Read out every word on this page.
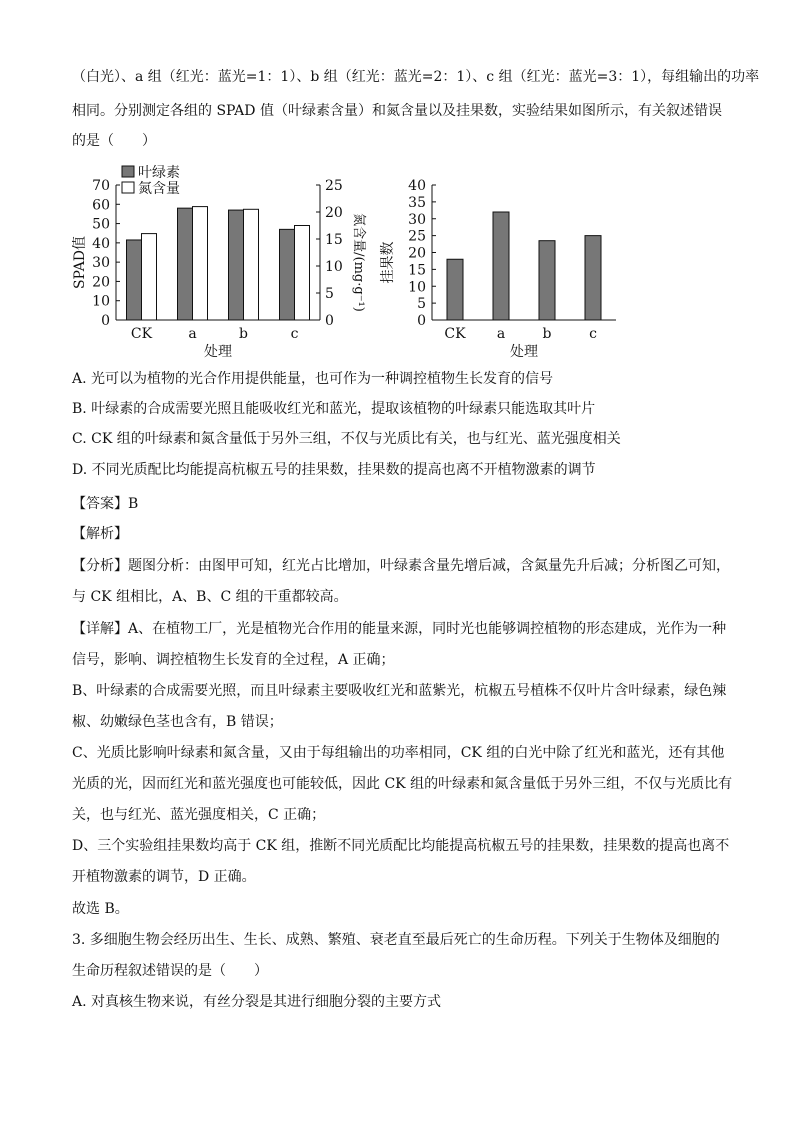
（白光）、a 组（红光：蓝光=1：1）、b 组（红光：蓝光=2：1）、c 组（红光：蓝光=3：1），每组输出的功率
相同。分别测定各组的 SPAD 值（叶绿素含量）和氮含量以及挂果数，实验结果如图所示，有关叙述错误
的是（　　）
0
10
20
30
40
50
60
70
0
5
10
15
20
25
CK	a	b	c
处理
SPAD值	氮含量/(mg·g⁻¹)
叶绿素
氮含量
0
5
10
15
20
25
30
35
40
CK a	b	c
处理
挂果数
A. 光可以为植物的光合作用提供能量，也可作为一种调控植物生长发育的信号
B. 叶绿素的合成需要光照且能吸收红光和蓝光，提取该植物的叶绿素只能选取其叶片
C. CK 组的叶绿素和氮含量低于另外三组，不仅与光质比有关，也与红光、蓝光强度相关
D. 不同光质配比均能提高杭椒五号的挂果数，挂果数的提高也离不开植物激素的调节
【答案】B
【解析】
【分析】题图分析：由图甲可知，红光占比增加，叶绿素含量先增后减，含氮量先升后减；分析图乙可知，
与 CK 组相比，A、B、C 组的干重都较高。
【详解】A、在植物工厂，光是植物光合作用的能量来源，同时光也能够调控植物的形态建成，光作为一种
信号，影响、调控植物生长发育的全过程，A 正确；
B、叶绿素的合成需要光照，而且叶绿素主要吸收红光和蓝紫光，杭椒五号植株不仅叶片含叶绿素，绿色辣
椒、幼嫩绿色茎也含有，B 错误；
C、光质比影响叶绿素和氮含量，又由于每组输出的功率相同，CK 组的白光中除了红光和蓝光，还有其他
光质的光，因而红光和蓝光强度也可能较低，因此 CK 组的叶绿素和氮含量低于另外三组，不仅与光质比有
关，也与红光、蓝光强度相关，C 正确；
D、三个实验组挂果数均高于 CK 组，推断不同光质配比均能提高杭椒五号的挂果数，挂果数的提高也离不
开植物激素的调节，D 正确。
故选 B。
3. 多细胞生物会经历出生、生长、成熟、繁殖、衰老直至最后死亡的生命历程。下列关于生物体及细胞的
生命历程叙述错误的是（　　）
A. 对真核生物来说，有丝分裂是其进行细胞分裂的主要方式
